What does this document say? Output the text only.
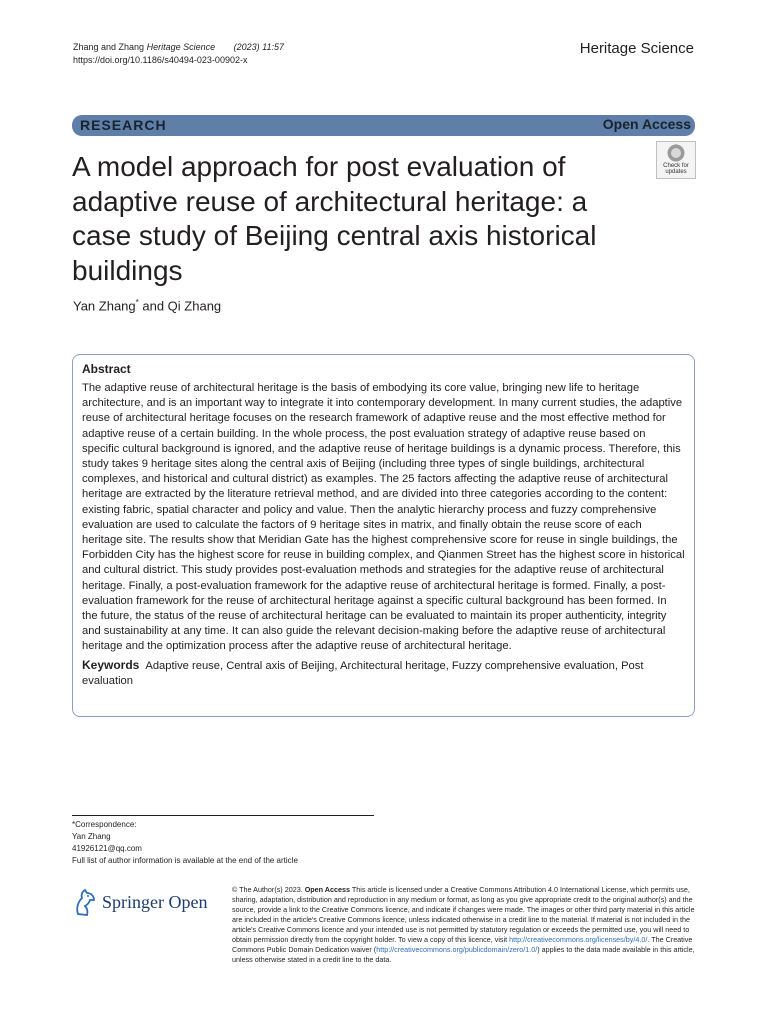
Zhang and Zhang Heritage Science (2023) 11:57
https://doi.org/10.1186/s40494-023-00902-x
Heritage Science
RESEARCH	Open Access
A model approach for post evaluation of adaptive reuse of architectural heritage: a case study of Beijing central axis historical buildings
Check for
updates
Yan Zhang* and Qi Zhang
Abstract

The adaptive reuse of architectural heritage is the basis of embodying its core value, bringing new life to heritage architecture, and is an important way to integrate it into contemporary development. In many current studies, the adaptive reuse of architectural heritage focuses on the research framework of adaptive reuse and the most effective method for adaptive reuse of a certain building. In the whole process, the post evaluation strategy of adaptive reuse based on specific cultural background is ignored, and the adaptive reuse of heritage buildings is a dynamic process. Therefore, this study takes 9 heritage sites along the central axis of Beijing (including three types of single buildings, architectural complexes, and historical and cultural district) as examples. The 25 factors affecting the adaptive reuse of architectural heritage are extracted by the literature retrieval method, and are divided into three categories according to the content: existing fabric, spatial character and policy and value. Then the analytic hierarchy process and fuzzy comprehensive evaluation are used to calculate the factors of 9 heritage sites in matrix, and finally obtain the reuse score of each heritage site. The results show that Meridian Gate has the highest comprehensive score for reuse in single buildings, the Forbidden City has the highest score for reuse in building complex, and Qianmen Street has the highest score in historical and cultural district. This study provides post-evaluation methods and strategies for the adaptive reuse of architectural heritage. Finally, a post-evaluation framework for the adaptive reuse of architectural heritage is formed. Finally, a post-evaluation framework for the reuse of architectural heritage against a specific cultural background has been formed. In the future, the status of the reuse of architectural heritage can be evaluated to maintain its proper authenticity, integrity and sustainability at any time. It can also guide the relevant decision-making before the adaptive reuse of architectural heritage and the optimization process after the adaptive reuse of architectural heritage.

Keywords Adaptive reuse, Central axis of Beijing, Architectural heritage, Fuzzy comprehensive evaluation, Post evaluation

*Correspondence:
Yan Zhang
41926121@qq.com
Full list of author information is available at the end of the article
Springer Open
© The Author(s) 2023. Open Access This article is licensed under a Creative Commons Attribution 4.0 International License, which permits use, sharing, adaptation, distribution and reproduction in any medium or format, as long as you give appropriate credit to the original author(s) and the source, provide a link to the Creative Commons licence, and indicate if changes were made. The images or other third party material in this article are included in the article's Creative Commons licence, unless indicated otherwise in a credit line to the material. If material is not included in the article's Creative Commons licence and your intended use is not permitted by statutory regulation or exceeds the permitted use, you will need to obtain permission directly from the copyright holder. To view a copy of this licence, visit http://creativecommons.org/licenses/by/4.0/. The Creative Commons Public Domain Dedication waiver (http://creativecommons.org/publicdomain/zero/1.0/) applies to the data made available in this article, unless otherwise stated in a credit line to the data.
